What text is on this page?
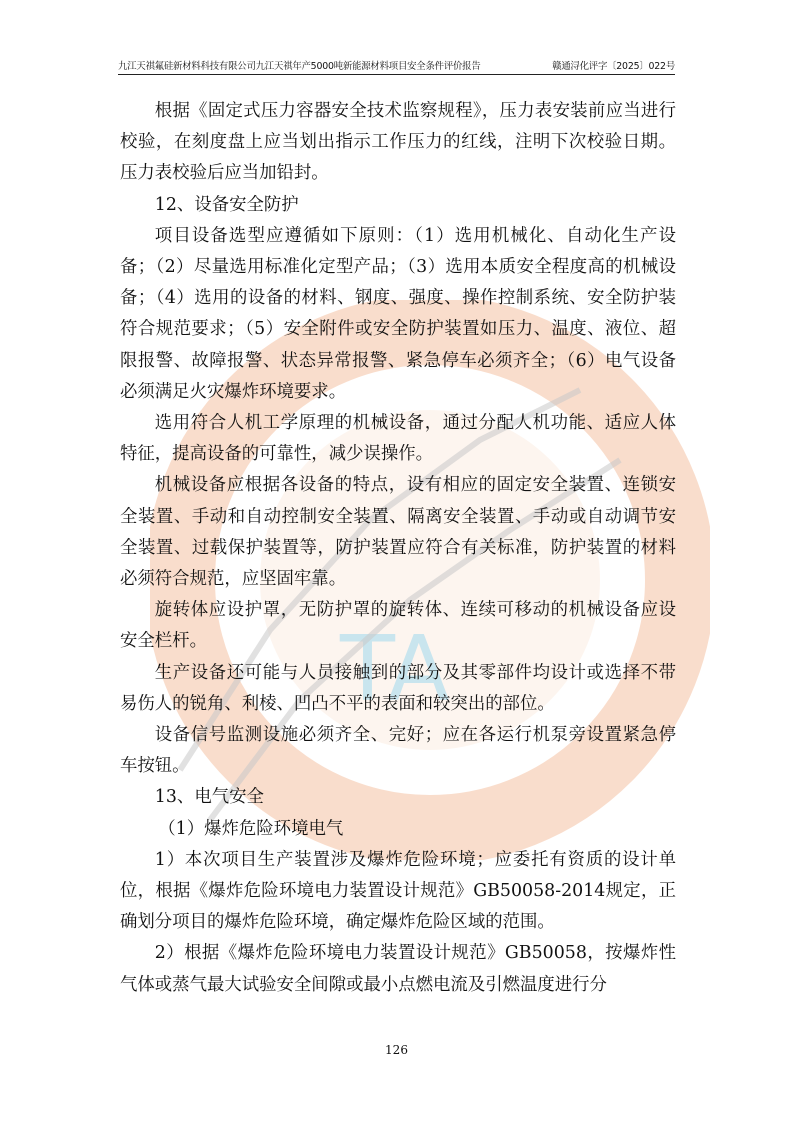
九江天祺氟硅新材料科技有限公司九江天祺年产5000吨新能源材料项目安全条件评价报告	赣通浔化评字〔2025〕022号
TA

根据《固定式压力容器安全技术监察规程》，压力表安装前应当进行校验，在刻度盘上应当划出指示工作压力的红线，注明下次校验日期。压力表校验后应当加铅封。

12、设备安全防护

项目设备选型应遵循如下原则：（1）选用机械化、自动化生产设备；（2）尽量选用标准化定型产品；（3）选用本质安全程度高的机械设备；（4）选用的设备的材料、钢度、强度、操作控制系统、安全防护装符合规范要求；（5）安全附件或安全防护装置如压力、温度、液位、超限报警、故障报警、状态异常报警、紧急停车必须齐全；（6）电气设备必须满足火灾爆炸环境要求。

选用符合人机工学原理的机械设备，通过分配人机功能、适应人体特征，提高设备的可靠性，减少误操作。

机械设备应根据各设备的特点，设有相应的固定安全装置、连锁安全装置、手动和自动控制安全装置、隔离安全装置、手动或自动调节安全装置、过载保护装置等，防护装置应符合有关标准，防护装置的材料必须符合规范，应坚固牢靠。

旋转体应设护罩，无防护罩的旋转体、连续可移动的机械设备应设安全栏杆。

生产设备还可能与人员接触到的部分及其零部件均设计或选择不带易伤人的锐角、利棱、凹凸不平的表面和较突出的部位。

设备信号监测设施必须齐全、完好；应在各运行机泵旁设置紧急停车按钮。

13、电气安全

（1）爆炸危险环境电气

1）本次项目生产装置涉及爆炸危险环境；应委托有资质的设计单位，根据《爆炸危险环境电力装置设计规范》GB50058-2014规定，正确划分项目的爆炸危险环境，确定爆炸危险区域的范围。

2）根据《爆炸危险环境电力装置设计规范》GB50058，按爆炸性气体或蒸气最大试验安全间隙或最小点燃电流及引燃温度进行分

126
